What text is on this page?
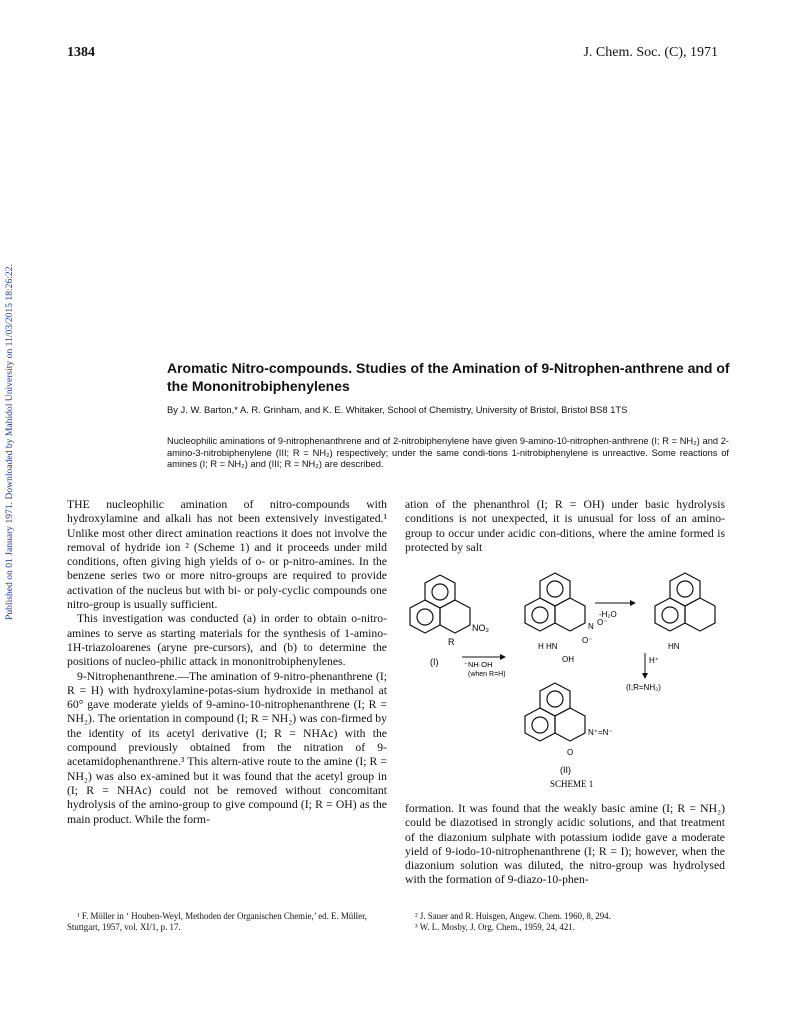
1384	J. Chem. Soc. (C), 1971
Published on 01 January 1971. Downloaded by Mahidol University on 11/03/2015 18:26:22.	Aromatic Nitro-compounds. Studies of the Amination of 9-Nitrophen-anthrene and of the Mononitrobiphenylenes
By J. W. Barton,* A. R. Grinham, and K. E. Whitaker, School of Chemistry, University of Bristol, Bristol BS8 1TS
Nucleophilic aminations of 9-nitrophenanthrene and of 2-nitrobiphenylene have given 9-amino-10-nitrophen-anthrene (I; R = NH₂) and 2-amino-3-nitrobiphenylene (III; R = NH₂) respectively; under the same condi-tions 1-nitrobiphenylene is unreactive. Some reactions of amines (I; R = NH₂) and (III; R = NH₂) are described.

THE nucleophilic amination of nitro-compounds with hydroxylamine and alkali has not been extensively investigated.¹ Unlike most other direct amination reactions it does not involve the removal of hydride ion ² (Scheme 1) and it proceeds under mild conditions, often giving high yields of o- or p-nitro-amines. In the benzene series two or more nitro-groups are required to provide activation of the nucleus but with bi- or poly-cyclic compounds one nitro-group is usually sufficient.

This investigation was conducted (a) in order to obtain o-nitro-amines to serve as starting materials for the synthesis of 1-amino-1H-triazoloarenes (aryne pre-cursors), and (b) to determine the positions of nucleo-philic attack in mononitrobiphenylenes.

9-Nitrophenanthrene.—The amination of 9-nitro-phenanthrene (I; R = H) with hydroxylamine-potas-sium hydroxide in methanol at 60° gave moderate yields of 9-amino-10-nitrophenanthrene (I; R = NH₂). The orientation in compound (I; R = NH₂) was con-firmed by the identity of its acetyl derivative (I; R = NHAc) with the compound previously obtained from the nitration of 9-acetamidophenanthrene.³ This altern-ative route to the amine (I; R = NH₂) was also ex-amined but it was found that the acetyl group in (I; R = NHAc) could not be removed without concomitant hydrolysis of the amino-group to give compound (I; R = OH) as the main product. While the form-

ation of the phenanthrol (I; R = OH) under basic hydrolysis conditions is not unexpected, it is unusual for loss of an amino-group to occur under acidic con-ditions, where the amine formed is protected by salt

NO₂
R
(I)	⁻NH·OH
(when R=H)
H HN
OH
N O⁻
O⁻
-H₂O
HN
H⁺
(I;R=NH₂)
N⁺=N⁻
O
(II)
SCHEME 1

formation. It was found that the weakly basic amine (I; R = NH₂) could be diazotised in strongly acidic solutions, and that treatment of the diazonium sulphate with potassium iodide gave a moderate yield of 9-iodo-10-nitrophenanthrene (I; R = I); however, when the diazonium solution was diluted, the nitro-group was hydrolysed with the formation of 9-diazo-10-phen-

¹ F. Möller in ‘ Houben-Weyl, Methoden der Organischen Chemie,’ ed. E. Müller, Stuttgart, 1957, vol. XI/1, p. 17.

² J. Sauer and R. Huisgen, Angew. Chem. 1960, 8, 294.

³ W. L. Mosby, J. Org. Chem., 1959, 24, 421.
